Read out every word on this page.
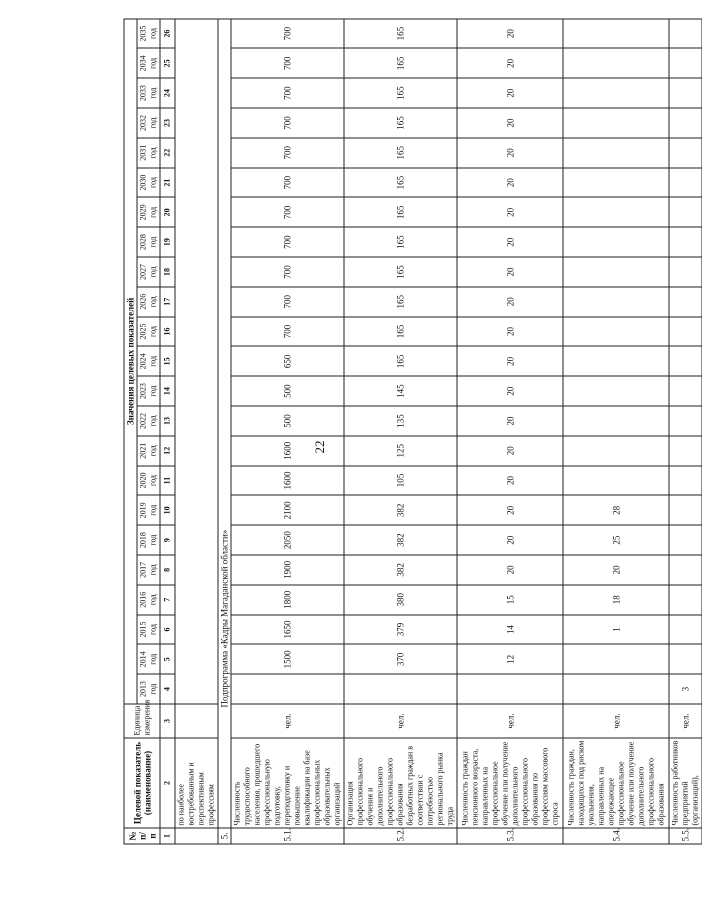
22
№ п/п	Целевой показатель (наименование)	Единица измерения	Значения целевых показателей																						
			2013 год	2014 год	2015 год	2016 год	2017 год	2018 год	2019 год	2020 год	2021 год	2022 год	2023 год	2024 год	2025 год	2026 год	2027 год	2028 год	2029 год	2030 год	2031 год	2032 год	2033 год	2034 год	2035 год
1	2	3	4	5	6	7	8	9	10	11	12	13	14	15	16	17	18	19	20	21	22	23	24	25	26
	по наиболее востребованным и перспективным профессиям																								
5.	Подпрограмма «Кадры Магаданской области»																								
5.1.	Численность трудоспособного населения, прошедшего профессиональную подготовку, переподготовку и повышение квалификации на базе профессиональных образовательных организаций	чел.		1500	1650	1800	1900	2050	2100	1600	1600	500	500	650	700	700	700	700	700	700	700	700	700	700	700
5.2.	Организация профессионального обучения и дополнительного профессионального образования безработных граждан в соответствии с потребностью регионального рынка труда	чел.		370	379	380	382	382	382	105	125	135	145	165	165	165	165	165	165	165	165	165	165	165	165
5.3.	Численность граждан пенсионного возраста, направленных на профессиональное обучение или получение дополнительного профессионального образования по профессиям массового спроса	чел.		12	14	15	20	20	20	20	20	20	20	20	20	20	20	20	20	20	20	20	20	20	20
5.4.	Численность граждан, находящихся под риском увольнения, направленных на опережающее профессиональное обучение или получение дополнительного профессионального образования	чел.			1	18	20	25	28																
5.5.	Численность работников предприятий (организаций),	чел.	3																						
